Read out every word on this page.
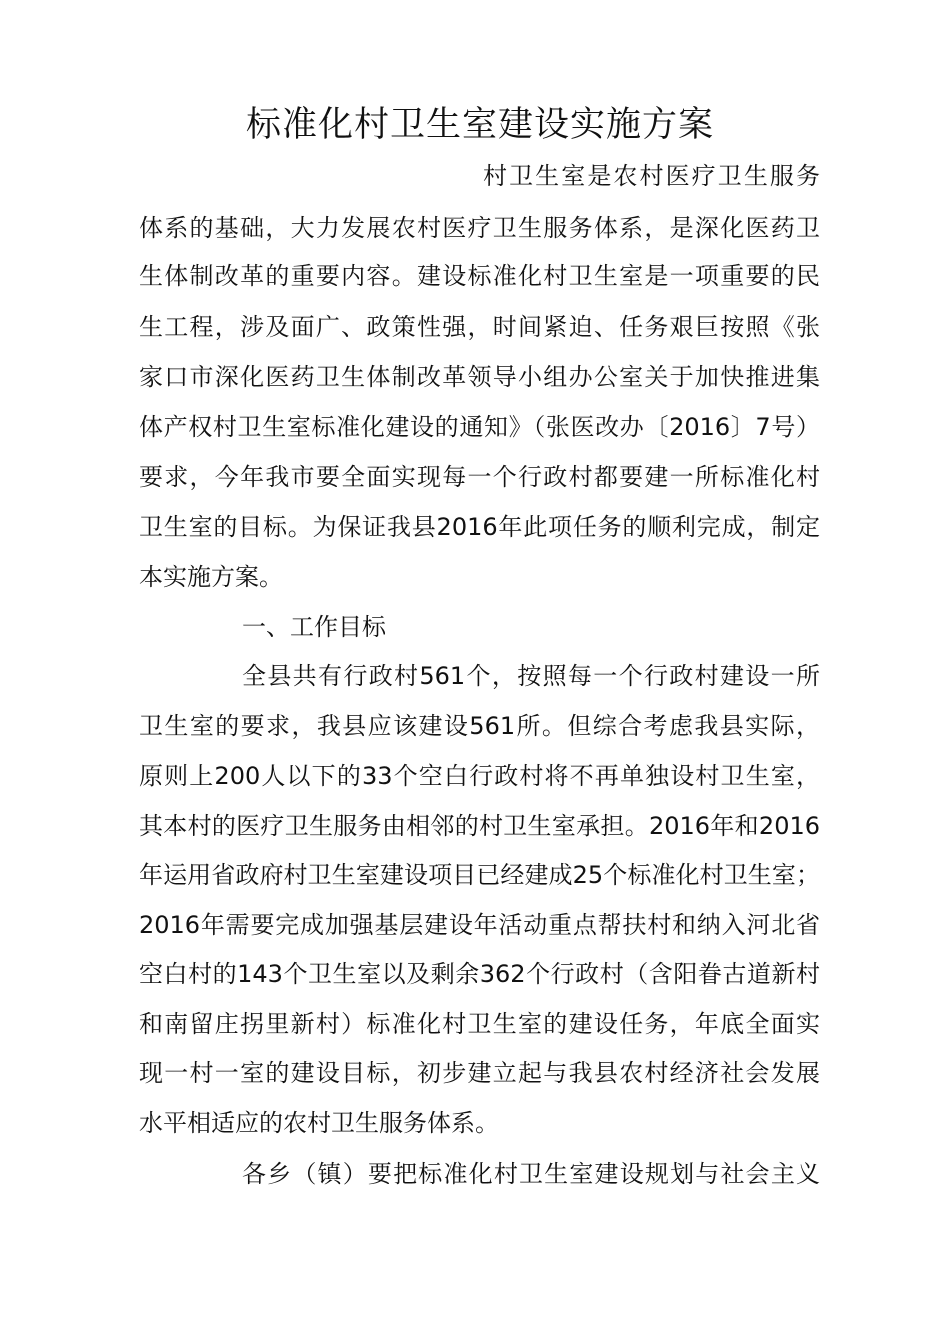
标准化村卫生室建设实施方案

村卫生室是农村医疗卫生服务

体系的基础，大力发展农村医疗卫生服务体系，是深化医药卫

生体制改革的重要内容。建设标准化村卫生室是一项重要的民

生工程，涉及面广、政策性强，时间紧迫、任务艰巨按照《张

家口市深化医药卫生体制改革领导小组办公室关于加快推进集

体产权村卫生室标准化建设的通知》（张医改办〔2016〕7号）

要求，今年我市要全面实现每一个行政村都要建一所标准化村

卫生室的目标。为保证我县2016年此项任务的顺利完成，制定

本实施方案。

一、工作目标

全县共有行政村561个，按照每一个行政村建设一所

卫生室的要求，我县应该建设561所。但综合考虑我县实际，

原则上200人以下的33个空白行政村将不再单独设村卫生室，

其本村的医疗卫生服务由相邻的村卫生室承担。2016年和2016

年运用省政府村卫生室建设项目已经建成25个标准化村卫生室；

2016年需要完成加强基层建设年活动重点帮扶村和纳入河北省

空白村的143个卫生室以及剩余362个行政村（含阳眷古道新村

和南留庄拐里新村）标准化村卫生室的建设任务，年底全面实

现一村一室的建设目标，初步建立起与我县农村经济社会发展

水平相适应的农村卫生服务体系。

各乡（镇）要把标准化村卫生室建设规划与社会主义
